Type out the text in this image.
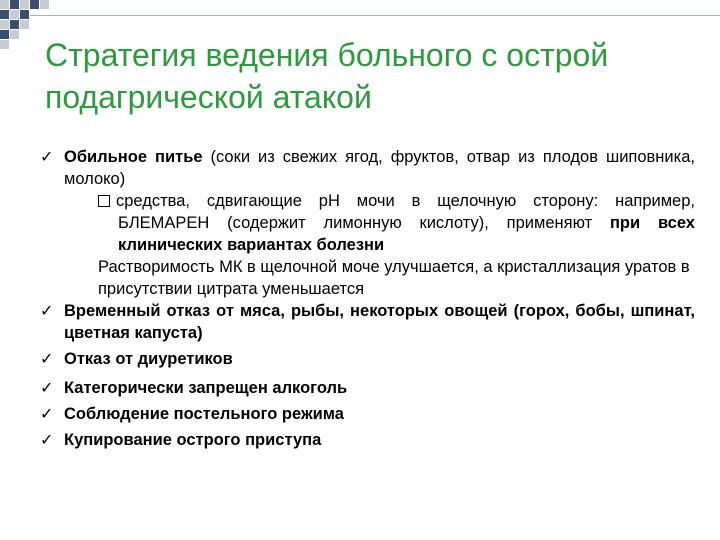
Стратегия ведения больного с острой подагрической атакой
✓ Обильное питье (соки из свежих ягод, фруктов, отвар из плодов шиповника, молоко)
средства, сдвигающие рН мочи в щелочную сторону: например, БЛЕМАРЕН (содержит лимонную кислоту), применяют при всех клинических вариантах болезни
Растворимость МК в щелочной моче улучшается, а кристаллизация уратов в присутствии цитрата уменьшается
✓ Временный отказ от мяса, рыбы, некоторых овощей (горох, бобы, шпинат, цветная капуста)
✓ Отказ от диуретиков
✓ Категорически запрещен алкоголь
✓ Соблюдение постельного режима
✓ Купирование острого приступа
